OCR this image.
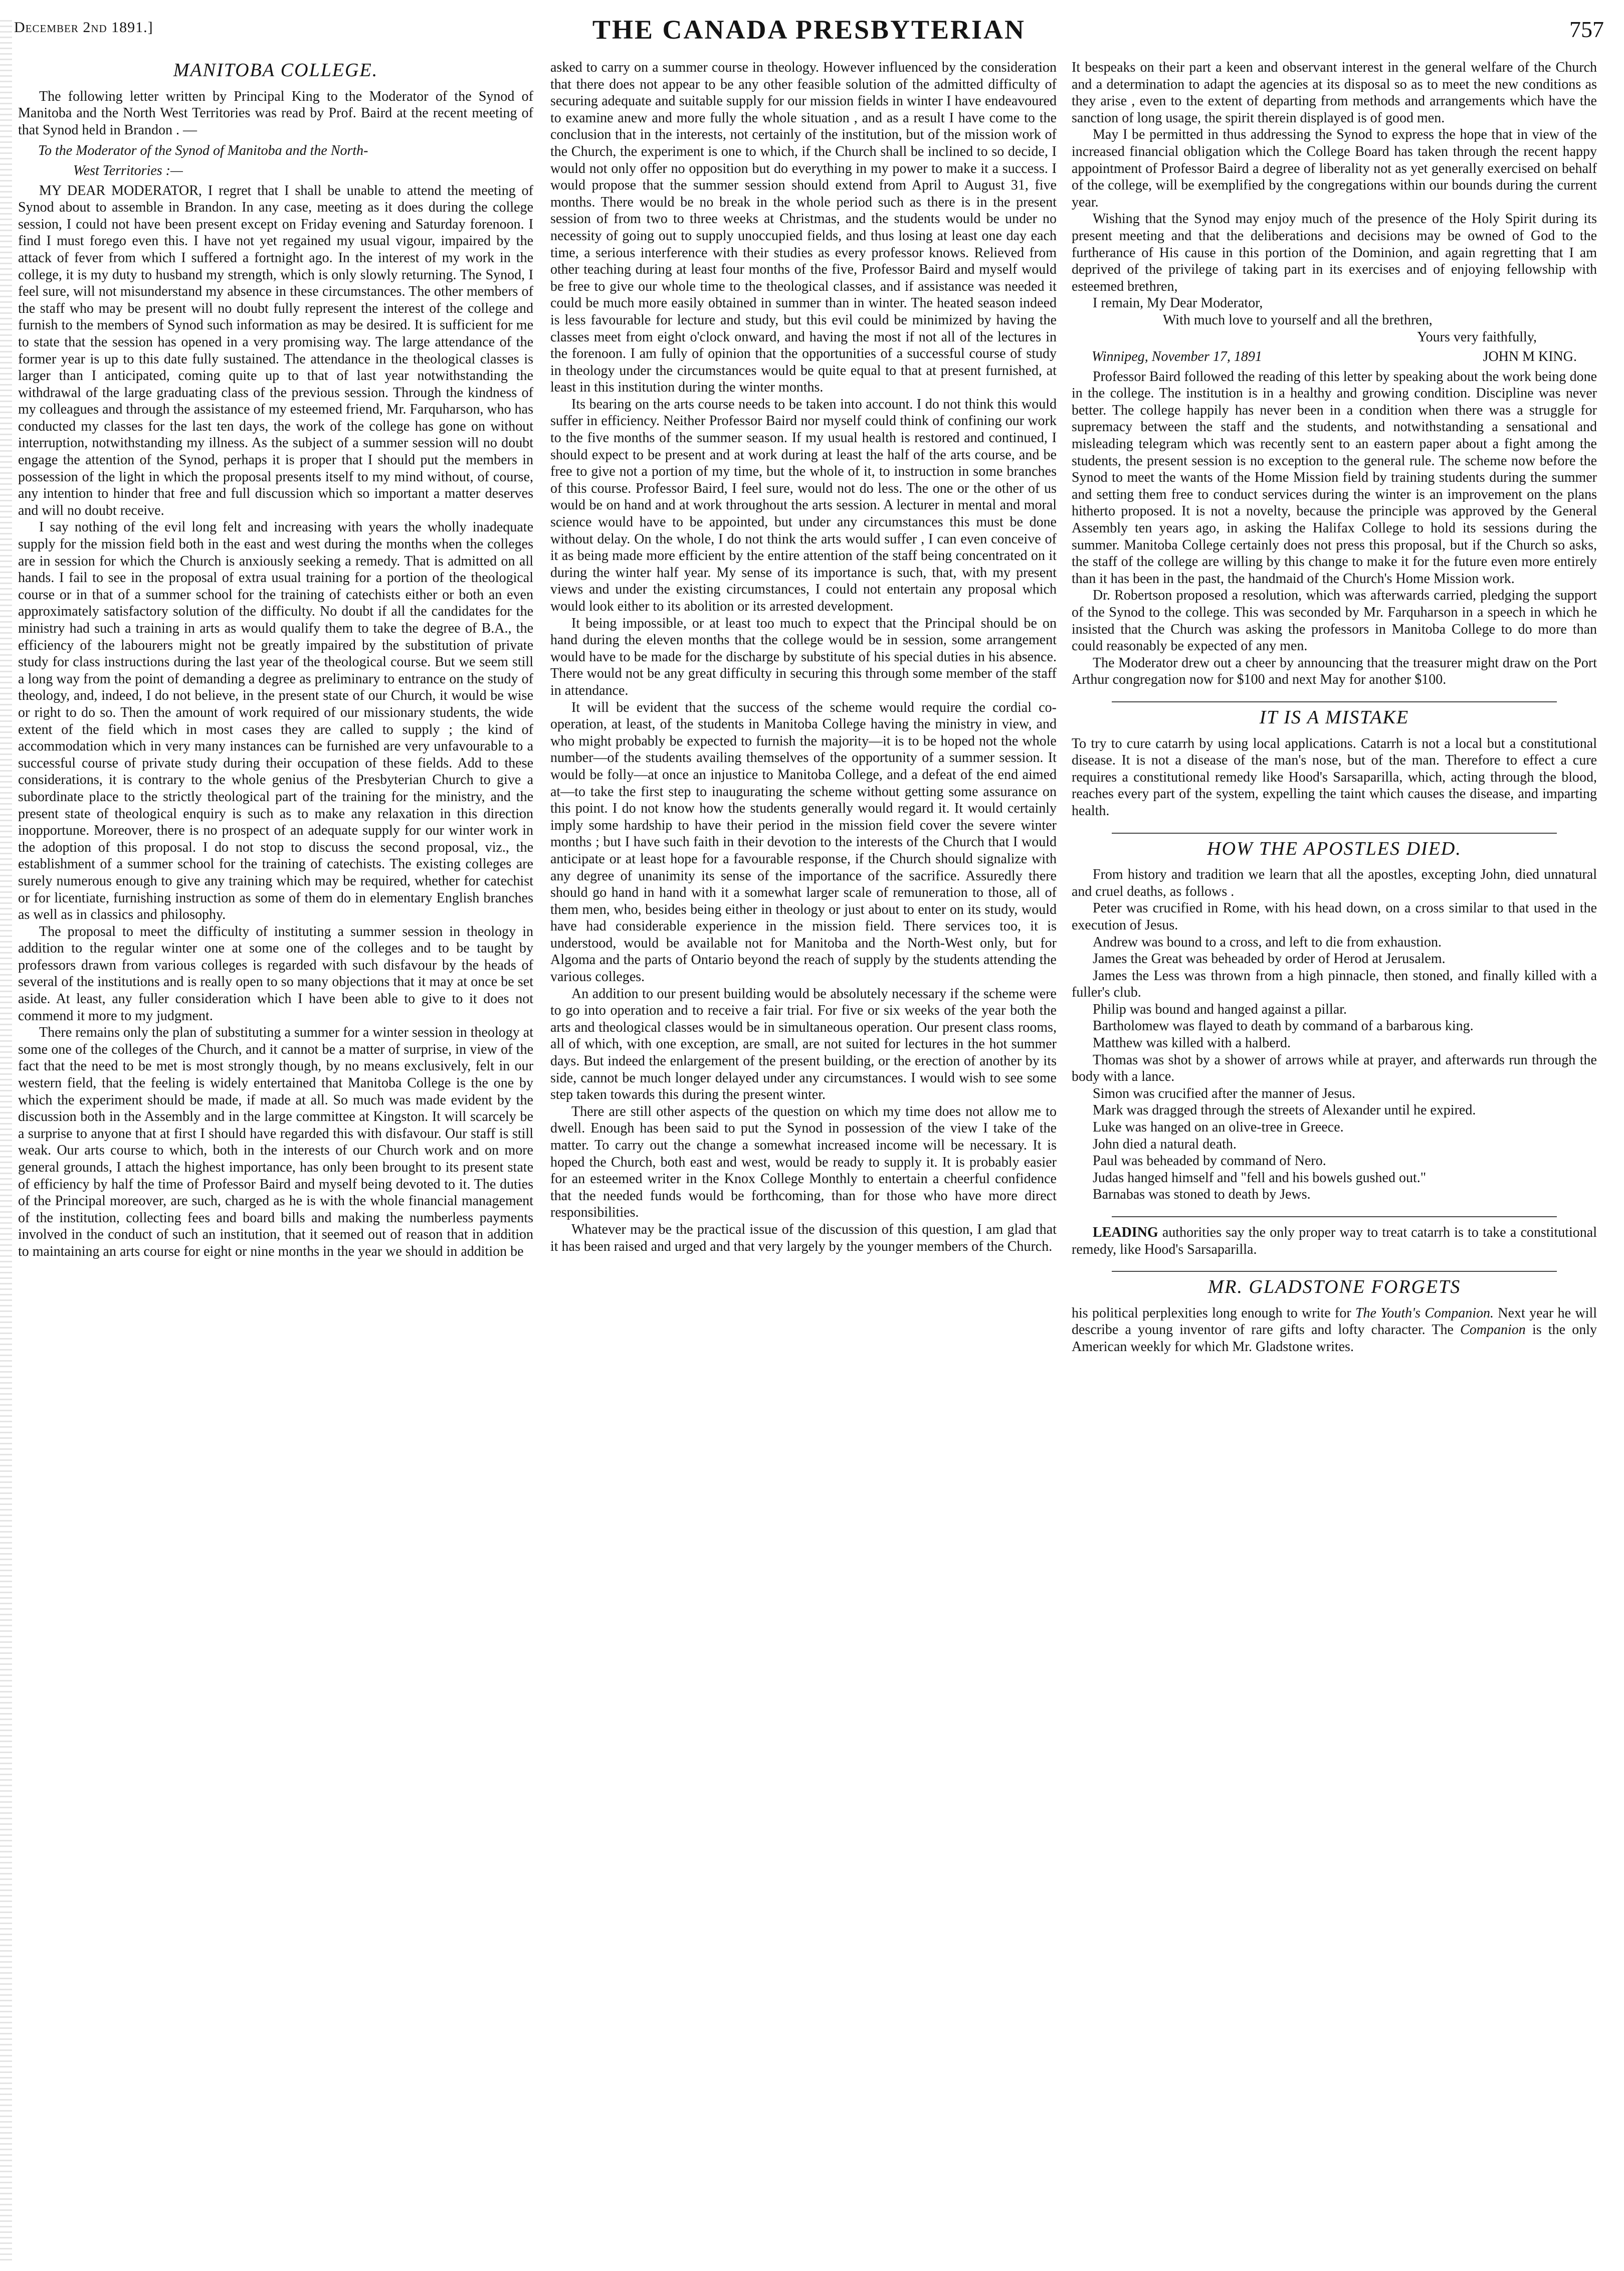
December 2nd 1891.]	THE CANADA PRESBYTERIAN	757
MANITOBA COLLEGE.

The following letter written by Principal King to the Moderator of the Synod of Manitoba and the North West Territories was read by Prof. Baird at the recent meeting of that Synod held in Brandon . —

To the Moderator of the Synod of Manitoba and the North-
West Territories :—

MY DEAR MODERATOR, I regret that I shall be unable to attend the meeting of Synod about to assemble in Brandon. In any case, meeting as it does during the college session, I could not have been present except on Friday evening and Saturday forenoon. I find I must forego even this. I have not yet regained my usual vigour, impaired by the attack of fever from which I suffered a fortnight ago. In the interest of my work in the college, it is my duty to husband my strength, which is only slowly returning. The Synod, I feel sure, will not misunderstand my absence in these circumstances. The other members of the staff who may be present will no doubt fully represent the interest of the college and furnish to the members of Synod such information as may be desired. It is sufficient for me to state that the session has opened in a very promising way. The large attendance of the former year is up to this date fully sustained. The attendance in the theological classes is larger than I anticipated, coming quite up to that of last year notwithstanding the withdrawal of the large graduating class of the previous session. Through the kindness of my colleagues and through the assistance of my esteemed friend, Mr. Farquharson, who has conducted my classes for the last ten days, the work of the college has gone on without interruption, notwithstanding my illness. As the subject of a summer session will no doubt engage the attention of the Synod, perhaps it is proper that I should put the members in possession of the light in which the proposal presents itself to my mind without, of course, any intention to hinder that free and full discussion which so important a matter deserves and will no doubt receive.

I say nothing of the evil long felt and increasing with years the wholly inadequate supply for the mission field both in the east and west during the months when the colleges are in session for which the Church is anxiously seeking a remedy. That is admitted on all hands. I fail to see in the proposal of extra usual training for a portion of the theological course or in that of a summer school for the training of catechists either or both an even approximately satisfactory solution of the difficulty. No doubt if all the candidates for the ministry had such a training in arts as would qualify them to take the degree of B.A., the efficiency of the labourers might not be greatly impaired by the substitution of private study for class instructions during the last year of the theological course. But we seem still a long way from the point of demanding a degree as preliminary to entrance on the study of theology, and, indeed, I do not believe, in the present state of our Church, it would be wise or right to do so. Then the amount of work required of our missionary students, the wide extent of the field which in most cases they are called to supply ; the kind of accommodation which in very many instances can be furnished are very unfavourable to a successful course of private study during their occupation of these fields. Add to these considerations, it is contrary to the whole genius of the Presbyterian Church to give a subordinate place to the strictly theological part of the training for the ministry, and the present state of theological enquiry is such as to make any relaxation in this direction inopportune. Moreover, there is no prospect of an adequate supply for our winter work in the adoption of this proposal. I do not stop to discuss the second proposal, viz., the establishment of a summer school for the training of catechists. The existing colleges are surely numerous enough to give any training which may be required, whether for catechist or for licentiate, furnishing instruction as some of them do in elementary English branches as well as in classics and philosophy.

The proposal to meet the difficulty of instituting a summer session in theology in addition to the regular winter one at some one of the colleges and to be taught by professors drawn from various colleges is regarded with such disfavour by the heads of several of the institutions and is really open to so many objections that it may at once be set aside. At least, any fuller consideration which I have been able to give to it does not commend it more to my judgment.

There remains only the plan of substituting a summer for a winter session in theology at some one of the colleges of the Church, and it cannot be a matter of surprise, in view of the fact that the need to be met is most strongly though, by no means exclusively, felt in our western field, that the feeling is widely entertained that Manitoba College is the one by which the experiment should be made, if made at all. So much was made evident by the discussion both in the Assembly and in the large committee at Kingston. It will scarcely be a surprise to anyone that at first I should have regarded this with disfavour. Our staff is still weak. Our arts course to which, both in the interests of our Church work and on more general grounds, I attach the highest importance, has only been brought to its present state of efficiency by half the time of Professor Baird and myself being devoted to it. The duties of the Principal moreover, are such, charged as he is with the whole financial management of the institution, collecting fees and board bills and making the numberless payments involved in the conduct of such an institution, that it seemed out of reason that in addition to maintaining an arts course for eight or nine months in the year we should in addition be

asked to carry on a summer course in theology. However influenced by the consideration that there does not appear to be any other feasible solution of the admitted difficulty of securing adequate and suitable supply for our mission fields in winter I have endeavoured to examine anew and more fully the whole situation , and as a result I have come to the conclusion that in the interests, not certainly of the institution, but of the mission work of the Church, the experiment is one to which, if the Church shall be inclined to so decide, I would not only offer no opposition but do everything in my power to make it a success. I would propose that the summer session should extend from April to August 31, five months. There would be no break in the whole period such as there is in the present session of from two to three weeks at Christmas, and the students would be under no necessity of going out to supply unoccupied fields, and thus losing at least one day each time, a serious interference with their studies as every professor knows. Relieved from other teaching during at least four months of the five, Professor Baird and myself would be free to give our whole time to the theological classes, and if assistance was needed it could be much more easily obtained in summer than in winter. The heated season indeed is less favourable for lecture and study, but this evil could be minimized by having the classes meet from eight o'clock onward, and having the most if not all of the lectures in the forenoon. I am fully of opinion that the opportunities of a successful course of study in theology under the circumstances would be quite equal to that at present furnished, at least in this institution during the winter months.

Its bearing on the arts course needs to be taken into account. I do not think this would suffer in efficiency. Neither Professor Baird nor myself could think of confining our work to the five months of the summer season. If my usual health is restored and continued, I should expect to be present and at work during at least the half of the arts course, and be free to give not a portion of my time, but the whole of it, to instruction in some branches of this course. Professor Baird, I feel sure, would not do less. The one or the other of us would be on hand and at work throughout the arts session. A lecturer in mental and moral science would have to be appointed, but under any circumstances this must be done without delay. On the whole, I do not think the arts would suffer , I can even conceive of it as being made more efficient by the entire attention of the staff being concentrated on it during the winter half year. My sense of its importance is such, that, with my present views and under the existing circumstances, I could not entertain any proposal which would look either to its abolition or its arrested development.

It being impossible, or at least too much to expect that the Principal should be on hand during the eleven months that the college would be in session, some arrangement would have to be made for the discharge by substitute of his special duties in his absence. There would not be any great difficulty in securing this through some member of the staff in attendance.

It will be evident that the success of the scheme would require the cordial co-operation, at least, of the students in Manitoba College having the ministry in view, and who might probably be expected to furnish the majority—it is to be hoped not the whole number—of the students availing themselves of the opportunity of a summer session. It would be folly—at once an injustice to Manitoba College, and a defeat of the end aimed at—to take the first step to inaugurating the scheme without getting some assurance on this point. I do not know how the students generally would regard it. It would certainly imply some hardship to have their period in the mission field cover the severe winter months ; but I have such faith in their devotion to the interests of the Church that I would anticipate or at least hope for a favourable response, if the Church should signalize with any degree of unanimity its sense of the importance of the sacrifice. Assuredly there should go hand in hand with it a somewhat larger scale of remuneration to those, all of them men, who, besides being either in theology or just about to enter on its study, would have had considerable experience in the mission field. There services too, it is understood, would be available not for Manitoba and the North-West only, but for Algoma and the parts of Ontario beyond the reach of supply by the students attending the various colleges.

An addition to our present building would be absolutely necessary if the scheme were to go into operation and to receive a fair trial. For five or six weeks of the year both the arts and theological classes would be in simultaneous operation. Our present class rooms, all of which, with one exception, are small, are not suited for lectures in the hot summer days. But indeed the enlargement of the present building, or the erection of another by its side, cannot be much longer delayed under any circumstances. I would wish to see some step taken towards this during the present winter.

There are still other aspects of the question on which my time does not allow me to dwell. Enough has been said to put the Synod in possession of the view I take of the matter. To carry out the change a somewhat increased income will be necessary. It is hoped the Church, both east and west, would be ready to supply it. It is probably easier for an esteemed writer in the Knox College Monthly to entertain a cheerful confidence that the needed funds would be forthcoming, than for those who have more direct responsibilities.

Whatever may be the practical issue of the discussion of this question, I am glad that it has been raised and urged and that very largely by the younger members of the Church.

It bespeaks on their part a keen and observant interest in the general welfare of the Church and a determination to adapt the agencies at its disposal so as to meet the new conditions as they arise , even to the extent of departing from methods and arrangements which have the sanction of long usage, the spirit therein displayed is of good men.

May I be permitted in thus addressing the Synod to express the hope that in view of the increased financial obligation which the College Board has taken through the recent happy appointment of Professor Baird a degree of liberality not as yet generally exercised on behalf of the college, will be exemplified by the congregations within our bounds during the current year.

Wishing that the Synod may enjoy much of the presence of the Holy Spirit during its present meeting and that the deliberations and decisions may be owned of God to the furtherance of His cause in this portion of the Dominion, and again regretting that I am deprived of the privilege of taking part in its exercises and of enjoying fellowship with esteemed brethren,

I remain, My Dear Moderator,

With much love to yourself and all the brethren,

Yours very faithfully,

Winnipeg, November 17, 1891	JOHN M KING.

Professor Baird followed the reading of this letter by speaking about the work being done in the college. The institution is in a healthy and growing condition. Discipline was never better. The college happily has never been in a condition when there was a struggle for supremacy between the staff and the students, and notwithstanding a sensational and misleading telegram which was recently sent to an eastern paper about a fight among the students, the present session is no exception to the general rule. The scheme now before the Synod to meet the wants of the Home Mission field by training students during the summer and setting them free to conduct services during the winter is an improvement on the plans hitherto proposed. It is not a novelty, because the principle was approved by the General Assembly ten years ago, in asking the Halifax College to hold its sessions during the summer. Manitoba College certainly does not press this proposal, but if the Church so asks, the staff of the college are willing by this change to make it for the future even more entirely than it has been in the past, the handmaid of the Church's Home Mission work.

Dr. Robertson proposed a resolution, which was afterwards carried, pledging the support of the Synod to the college. This was seconded by Mr. Farquharson in a speech in which he insisted that the Church was asking the professors in Manitoba College to do more than could reasonably be expected of any men.

The Moderator drew out a cheer by announcing that the treasurer might draw on the Port Arthur congregation now for $100 and next May for another $100.

IT IS A MISTAKE

To try to cure catarrh by using local applications. Catarrh is not a local but a constitutional disease. It is not a disease of the man's nose, but of the man. Therefore to effect a cure requires a constitutional remedy like Hood's Sarsaparilla, which, acting through the blood, reaches every part of the system, expelling the taint which causes the disease, and imparting health.

HOW THE APOSTLES DIED.

From history and tradition we learn that all the apostles, excepting John, died unnatural and cruel deaths, as follows .

Peter was crucified in Rome, with his head down, on a cross similar to that used in the execution of Jesus.

Andrew was bound to a cross, and left to die from exhaustion.

James the Great was beheaded by order of Herod at Jerusalem.

James the Less was thrown from a high pinnacle, then stoned, and finally killed with a fuller's club.

Philip was bound and hanged against a pillar.

Bartholomew was flayed to death by command of a barbarous king.

Matthew was killed with a halberd.

Thomas was shot by a shower of arrows while at prayer, and afterwards run through the body with a lance.

Simon was crucified after the manner of Jesus.

Mark was dragged through the streets of Alexander until he expired.

Luke was hanged on an olive-tree in Greece.

John died a natural death.

Paul was beheaded by command of Nero.

Judas hanged himself and "fell and his bowels gushed out."

Barnabas was stoned to death by Jews.

LEADING authorities say the only proper way to treat catarrh is to take a constitutional remedy, like Hood's Sarsaparilla.

MR. GLADSTONE FORGETS

his political perplexities long enough to write for The Youth's Companion. Next year he will describe a young inventor of rare gifts and lofty character. The Companion is the only American weekly for which Mr. Gladstone writes.
